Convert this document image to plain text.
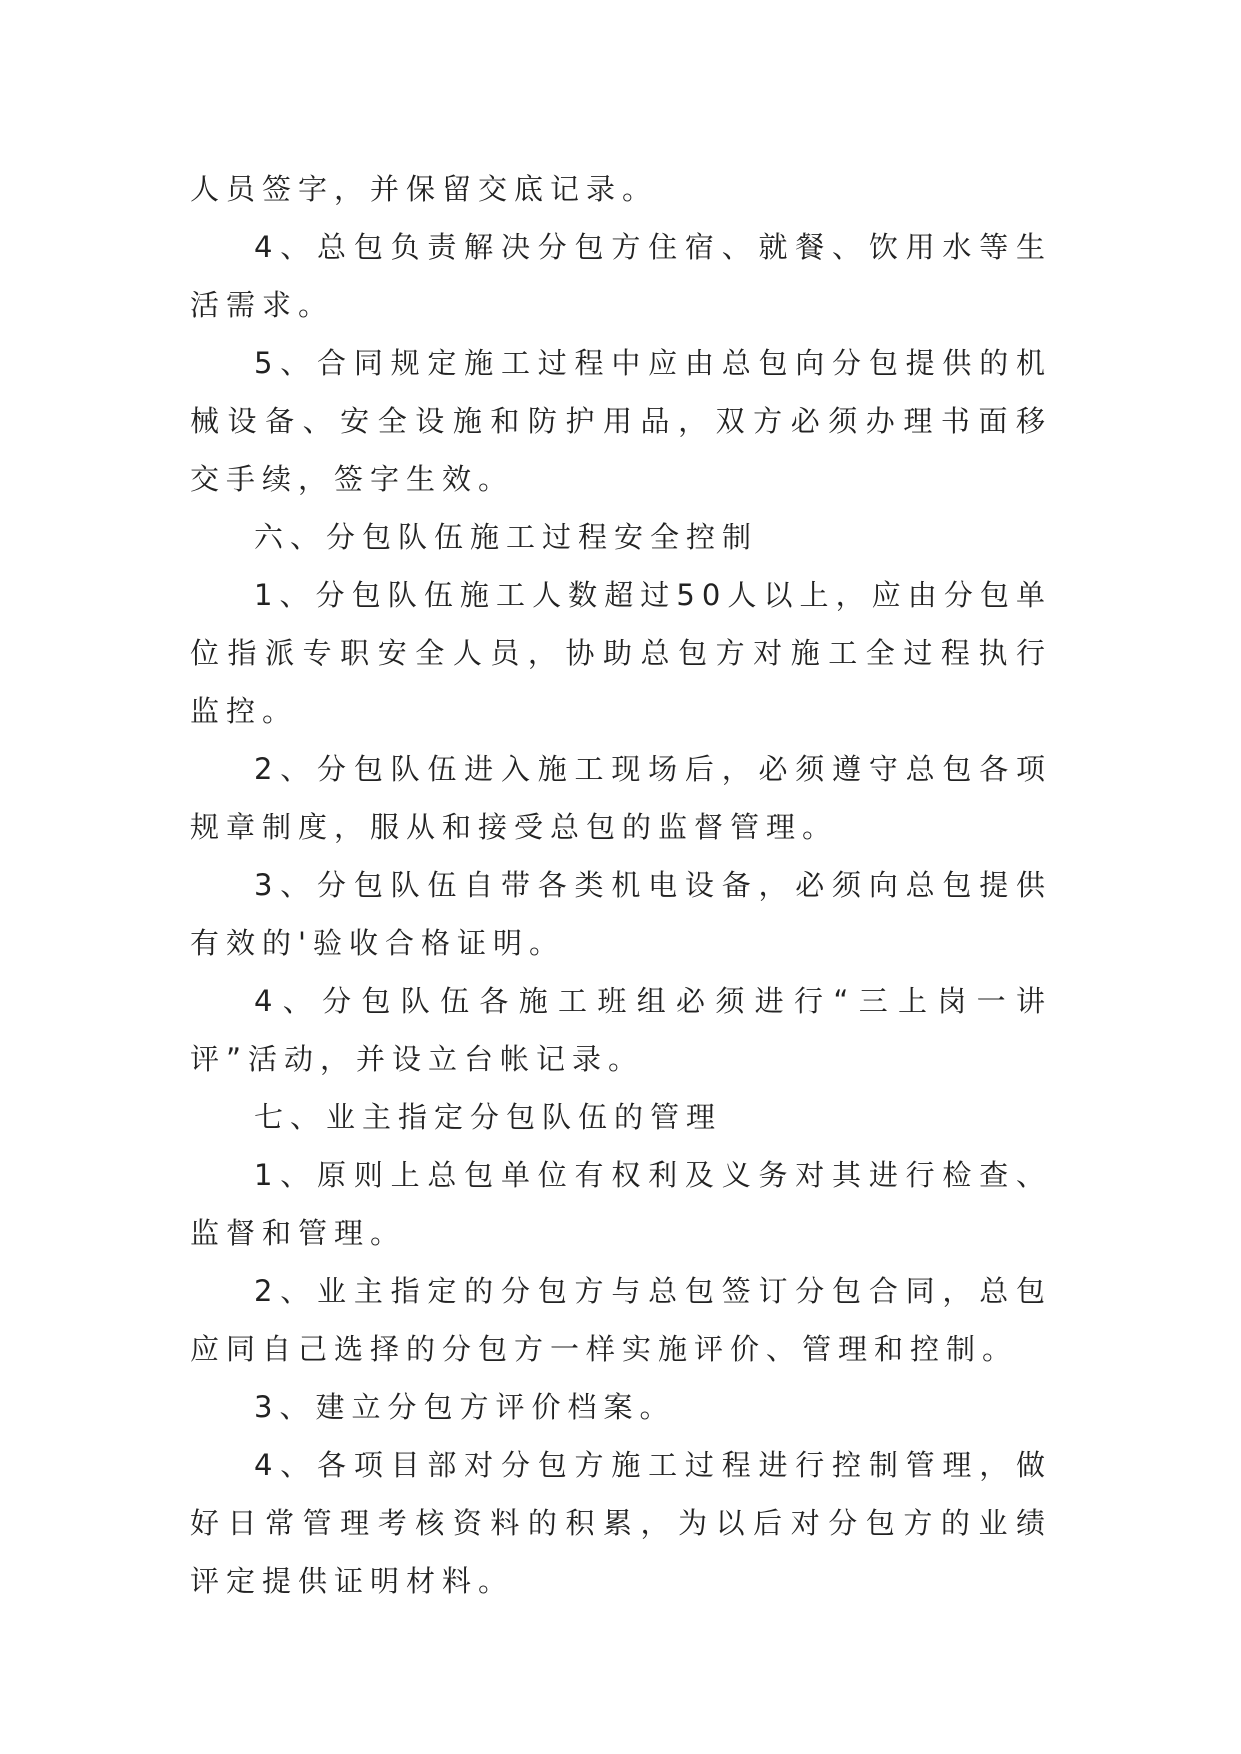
人员签字，并保留交底记录。

4、总包负责解决分包方住宿、就餐、饮用水等生活需求。

5、合同规定施工过程中应由总包向分包提供的机械设备、安全设施和防护用品，双方必须办理书面移交手续，签字生效。

六、分包队伍施工过程安全控制

1、分包队伍施工人数超过50人以上，应由分包单位指派专职安全人员，协助总包方对施工全过程执行监控。

2、分包队伍进入施工现场后，必须遵守总包各项规章制度，服从和接受总包的监督管理。

3、分包队伍自带各类机电设备，必须向总包提供有效的'验收合格证明。

4、分包队伍各施工班组必须进行“三上岗一讲评”活动，并设立台帐记录。

七、业主指定分包队伍的管理

1、原则上总包单位有权利及义务对其进行检查、监督和管理。

2、业主指定的分包方与总包签订分包合同，总包应同自己选择的分包方一样实施评价、管理和控制。

3、建立分包方评价档案。

4、各项目部对分包方施工过程进行控制管理，做好日常管理考核资料的积累，为以后对分包方的业绩评定提供证明材料。
